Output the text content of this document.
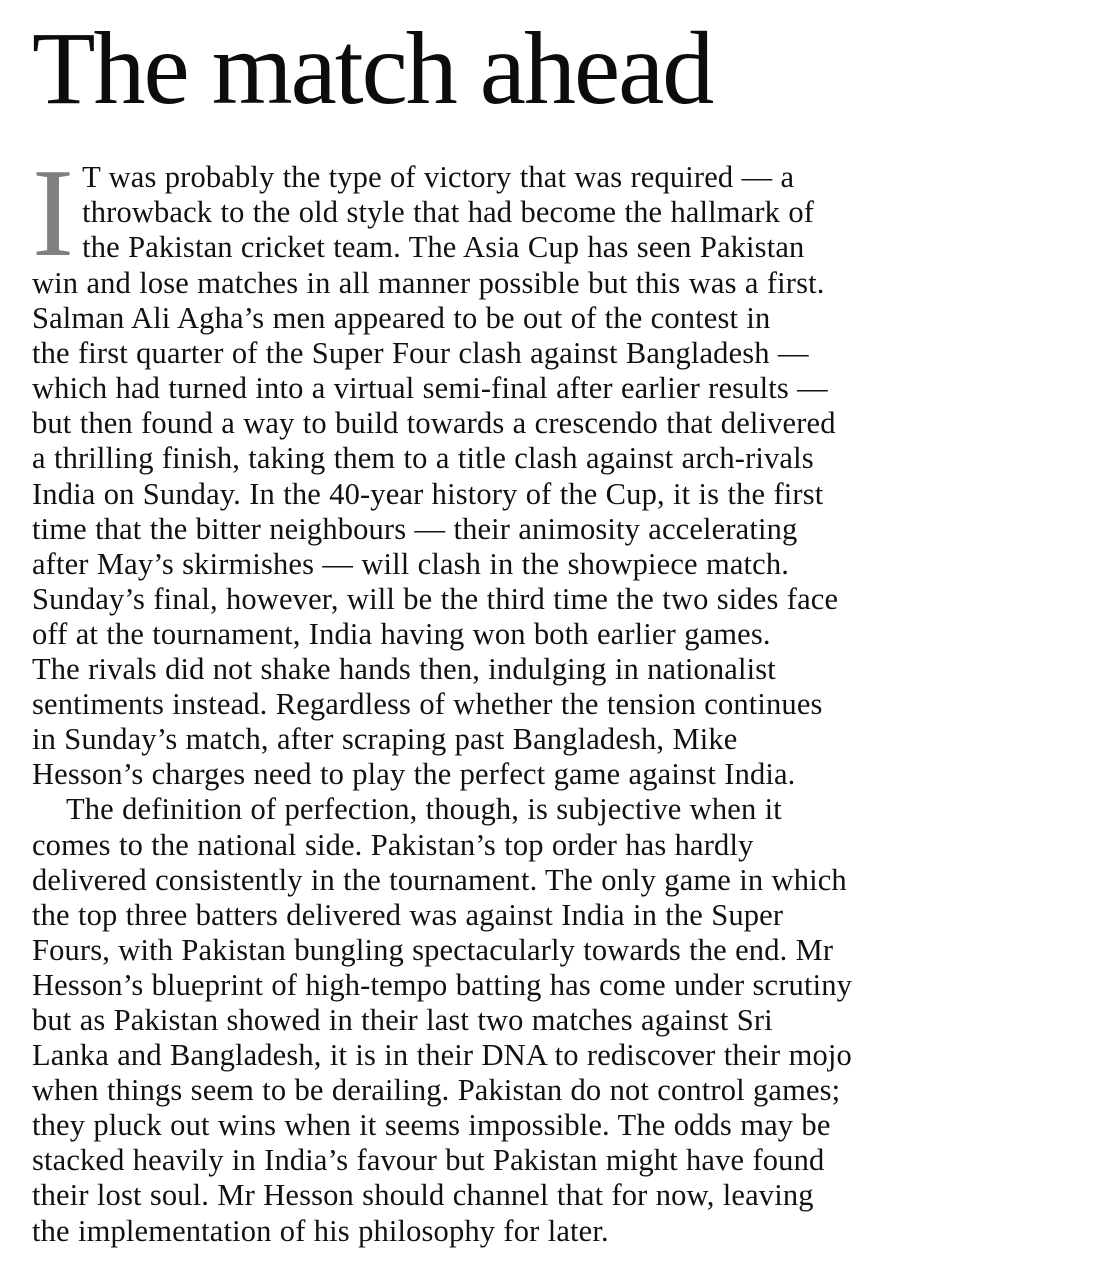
The match ahead
I T was probably the type of victory that was required — a
throwback to the old style that had become the hallmark of
the Pakistan cricket team. The Asia Cup has seen Pakistan
win and lose matches in all manner possible but this was a first.
Salman Ali Agha’s men appeared to be out of the contest in
the first quarter of the Super Four clash against Bangladesh —
which had turned into a virtual semi-final after earlier results —
but then found a way to build towards a crescendo that delivered
a thrilling finish, taking them to a title clash against arch-rivals
India on Sunday. In the 40-year history of the Cup, it is the first
time that the bitter neighbours — their animosity accelerating
after May’s skirmishes — will clash in the showpiece match.
Sunday’s final, however, will be the third time the two sides face
off at the tournament, India having won both earlier games.
The rivals did not shake hands then, indulging in nationalist
sentiments instead. Regardless of whether the tension continues
in Sunday’s match, after scraping past Bangladesh, Mike
Hesson’s charges need to play the perfect game against India.
The definition of perfection, though, is subjective when it
comes to the national side. Pakistan’s top order has hardly
delivered consistently in the tournament. The only game in which
the top three batters delivered was against India in the Super
Fours, with Pakistan bungling spectacularly towards the end. Mr
Hesson’s blueprint of high-tempo batting has come under scrutiny
but as Pakistan showed in their last two matches against Sri
Lanka and Bangladesh, it is in their DNA to rediscover their mojo
when things seem to be derailing. Pakistan do not control games;
they pluck out wins when it seems impossible. The odds may be
stacked heavily in India’s favour but Pakistan might have found
their lost soul. Mr Hesson should channel that for now, leaving
the implementation of his philosophy for later.
